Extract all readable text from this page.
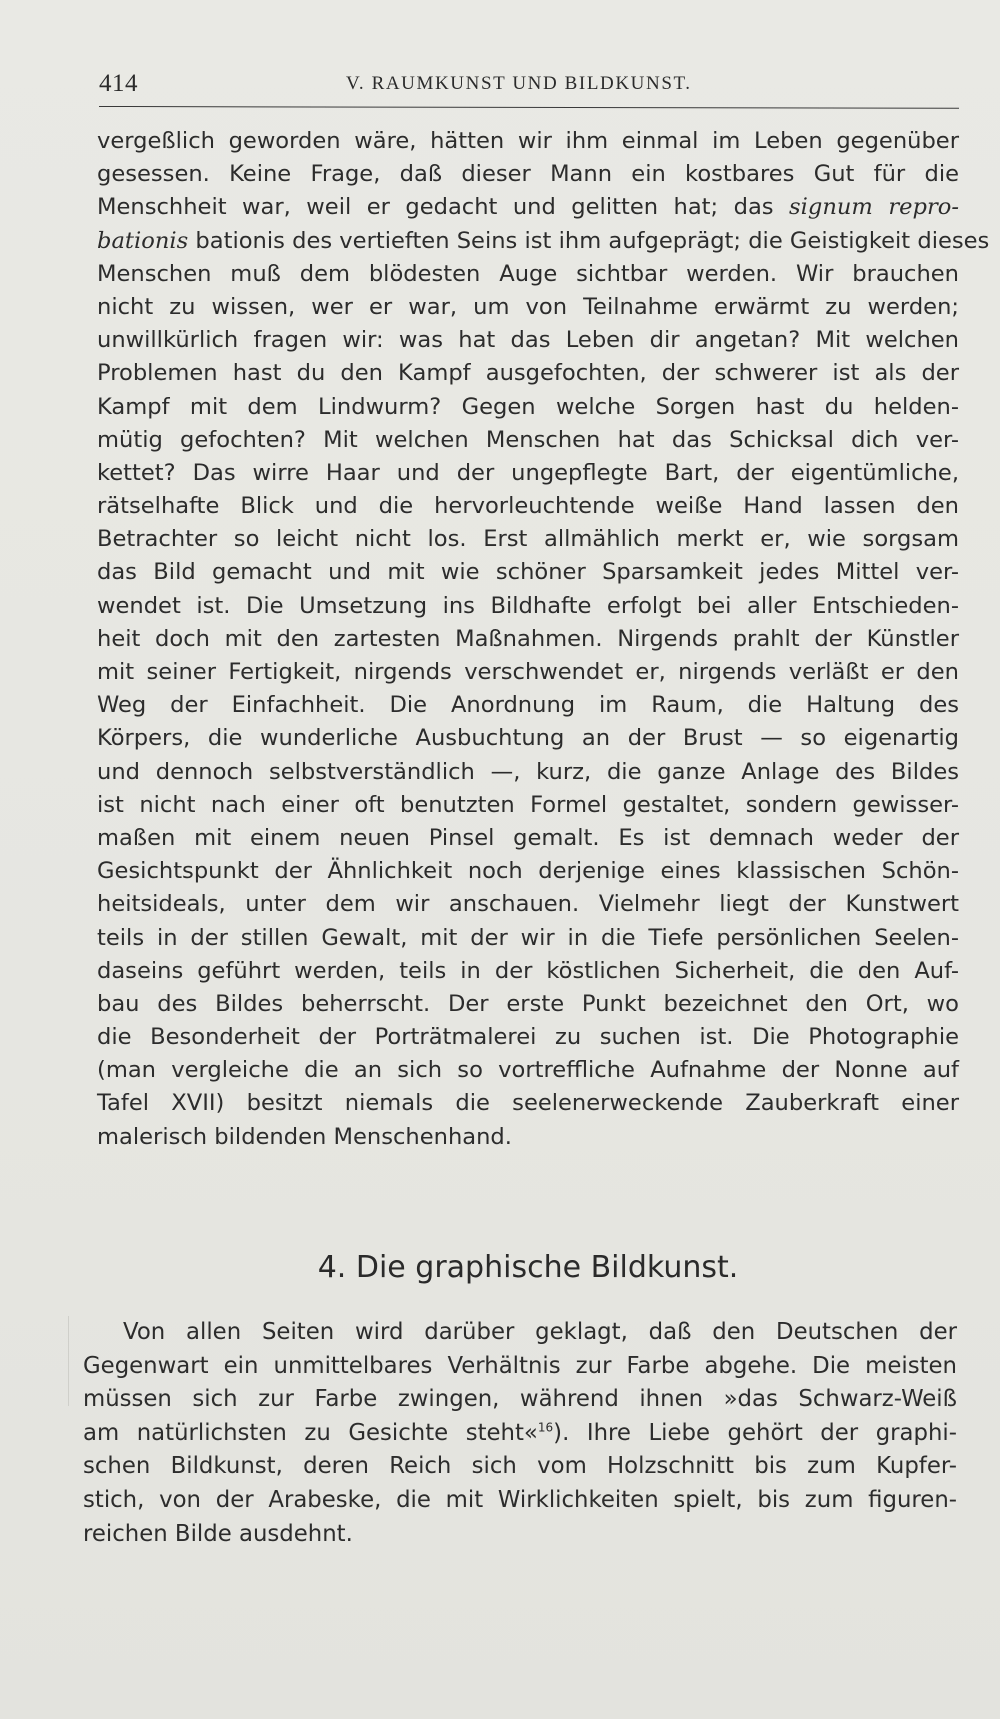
414	V. RAUMKUNST UND BILDKUNST.
vergeßlich geworden wäre, hätten wir ihm einmal im Leben gegenüber
gesessen. Keine Frage, daß dieser Mann ein kostbares Gut für die
Menschheit war, weil er gedacht und gelitten hat; das signum repro-
bationis bationis des vertieften Seins ist ihm aufgeprägt; die Geistigkeit dieses
Menschen muß dem blödesten Auge sichtbar werden. Wir brauchen
nicht zu wissen, wer er war, um von Teilnahme erwärmt zu werden;
unwillkürlich fragen wir: was hat das Leben dir angetan? Mit welchen
Problemen hast du den Kampf ausgefochten, der schwerer ist als der
Kampf mit dem Lindwurm? Gegen welche Sorgen hast du helden-
mütig gefochten? Mit welchen Menschen hat das Schicksal dich ver-
kettet? Das wirre Haar und der ungepflegte Bart, der eigentümliche,
rätselhafte Blick und die hervorleuchtende weiße Hand lassen den
Betrachter so leicht nicht los. Erst allmählich merkt er, wie sorgsam
das Bild gemacht und mit wie schöner Sparsamkeit jedes Mittel ver-
wendet ist. Die Umsetzung ins Bildhafte erfolgt bei aller Entschieden-
heit doch mit den zartesten Maßnahmen. Nirgends prahlt der Künstler
mit seiner Fertigkeit, nirgends verschwendet er, nirgends verläßt er den
Weg der Einfachheit. Die Anordnung im Raum, die Haltung des
Körpers, die wunderliche Ausbuchtung an der Brust — so eigenartig
und dennoch selbstverständlich —, kurz, die ganze Anlage des Bildes
ist nicht nach einer oft benutzten Formel gestaltet, sondern gewisser-
maßen mit einem neuen Pinsel gemalt. Es ist demnach weder der
Gesichtspunkt der Ähnlichkeit noch derjenige eines klassischen Schön-
heitsideals, unter dem wir anschauen. Vielmehr liegt der Kunstwert
teils in der stillen Gewalt, mit der wir in die Tiefe persönlichen Seelen-
daseins geführt werden, teils in der köstlichen Sicherheit, die den Auf-
bau des Bildes beherrscht. Der erste Punkt bezeichnet den Ort, wo
die Besonderheit der Porträtmalerei zu suchen ist. Die Photographie
(man vergleiche die an sich so vortreffliche Aufnahme der Nonne auf
Tafel XVII) besitzt niemals die seelenerweckende Zauberkraft einer
malerisch bildenden Menschenhand.
4. Die graphische Bildkunst.
Von allen Seiten wird darüber geklagt, daß den Deutschen der
Gegenwart ein unmittelbares Verhältnis zur Farbe abgehe. Die meisten
müssen sich zur Farbe zwingen, während ihnen »das Schwarz-Weiß
am natürlichsten zu Gesichte steht«$^{16}$). Ihre Liebe gehört der graphi-
schen Bildkunst, deren Reich sich vom Holzschnitt bis zum Kupfer-
stich, von der Arabeske, die mit Wirklichkeiten spielt, bis zum figuren-
reichen Bilde ausdehnt.
